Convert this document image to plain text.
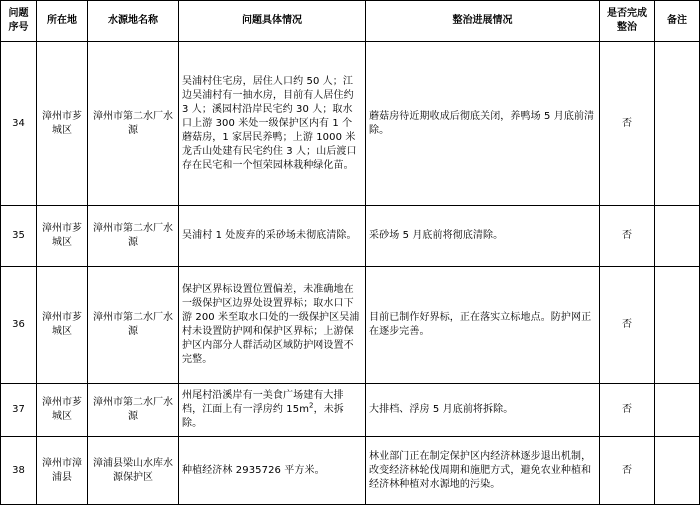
问题序号	所在地	水源地名称	问题具体情况	整治进展情况	是否完成整治	备注
34	漳州市芗城区	漳州市第二水厂水源	吴浦村住宅房，居住人口约 50 人；江边吴浦村有一抽水房，目前有人居住约 3 人；溪园村沿岸民宅约 30 人；取水口上游 300 米处一级保护区内有 1 个蘑菇房，1 家居民养鸭；上游 1000 米龙舌山处建有民宅约住 3 人；山后渡口存在民宅和一个恒荣园林栽种绿化苗。	蘑菇房待近期收成后彻底关闭，养鸭场 5 月底前清除。	否	
35	漳州市芗城区	漳州市第二水厂水源	吴浦村 1 处废弃的采砂场未彻底清除。	采砂场 5 月底前将彻底清除。	否	
36	漳州市芗城区	漳州市第二水厂水源	保护区界标设置位置偏差，未准确地在一级保护区边界处设置界标；取水口下游 200 米至取水口处的一级保护区吴浦村未设置防护网和保护区界标；上游保护区内部分人群活动区域防护网设置不完整。	目前已制作好界标，正在落实立标地点。防护网正在逐步完善。	否	
37	漳州市芗城区	漳州市第二水厂水源	州尾村沿溪岸有一美食广场建有大排档，江面上有一浮房约 $15m^2$，未拆除。	大排档、浮房 5 月底前将拆除。	否	
38	漳州市漳浦县	漳浦县梁山水库水源保护区	种植经济林 2935726 平方米。	林业部门正在制定保护区内经济林逐步退出机制，改变经济林轮伐周期和施肥方式，避免农业种植和经济林种植对水源地的污染。	否	
